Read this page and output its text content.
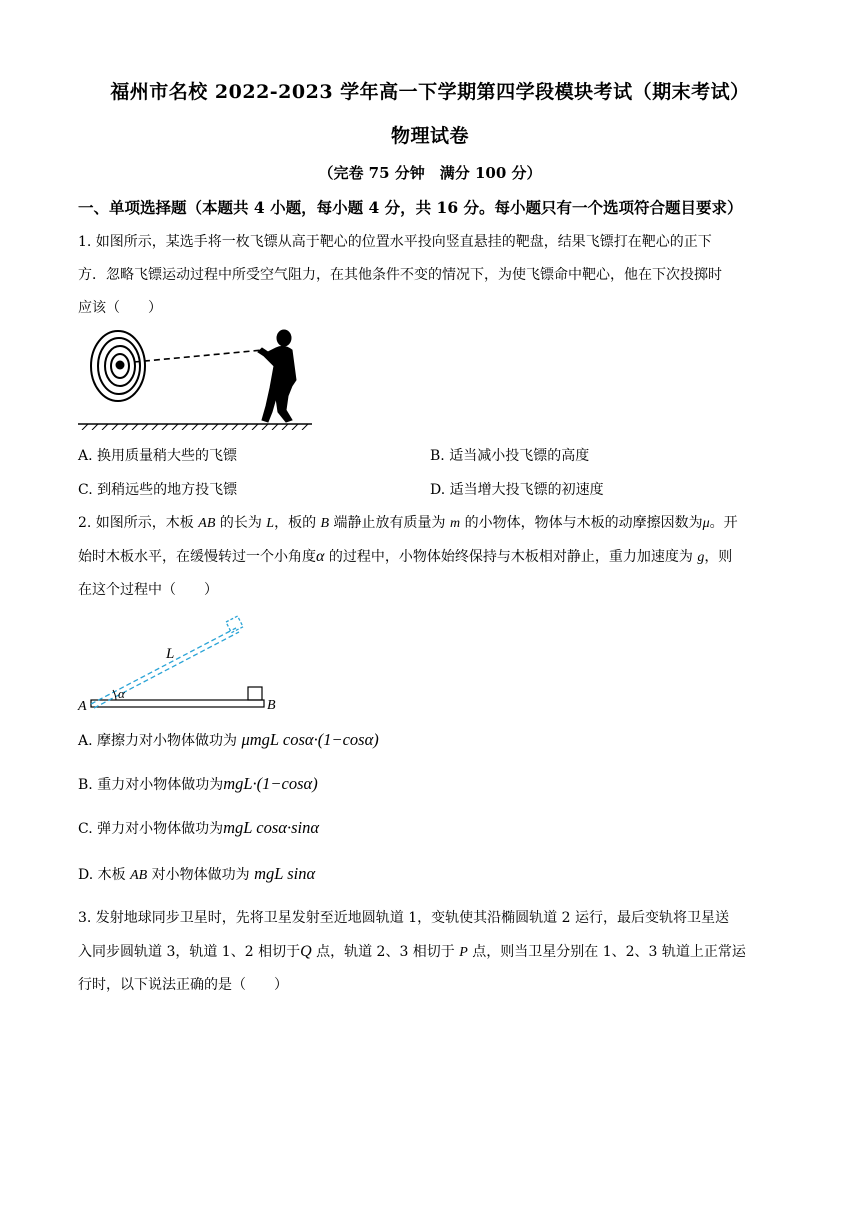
福州市名校 2022-2023 学年高一下学期第四学段模块考试（期末考试）
物理试卷
（完卷 75 分钟　满分 100 分）
一、单项选择题（本题共 4 小题，每小题 4 分，共 16 分。每小题只有一个选项符合题目要求）
1. 如图所示，某选手将一枚飞镖从高于靶心的位置水平投向竖直悬挂的靶盘，结果飞镖打在靶心的正下
方．忽略飞镖运动过程中所受空气阻力，在其他条件不变的情况下，为使飞镖命中靶心，他在下次投掷时
应该（　　）
A. 换用质量稍大些的飞镖	B. 适当减小投飞镖的高度
C. 到稍远些的地方投飞镖	D. 适当增大投飞镖的初速度
2. 如图所示，木板 AB 的长为 L，板的 B 端静止放有质量为 m 的小物体，物体与木板的动摩擦因数为μ。开
始时木板水平，在缓慢转过一个小角度α 的过程中，小物体始终保持与木板相对静止，重力加速度为 g，则
在这个过程中（　　）
L
α
A	B
A. 摩擦力对小物体做功为 μmgL cosα·(1−cosα)
B. 重力对小物体做功为mgL·(1−cosα)
C. 弹力对小物体做功为mgL cosα·sinα
D. 木板 AB 对小物体做功为 mgL sinα
3. 发射地球同步卫星时，先将卫星发射至近地圆轨道 1，变轨使其沿椭圆轨道 2 运行，最后变轨将卫星送
入同步圆轨道 3，轨道 1、2 相切于Q 点，轨道 2、3 相切于 P 点，则当卫星分别在 1、2、3 轨道上正常运
行时，以下说法正确的是（　　）
